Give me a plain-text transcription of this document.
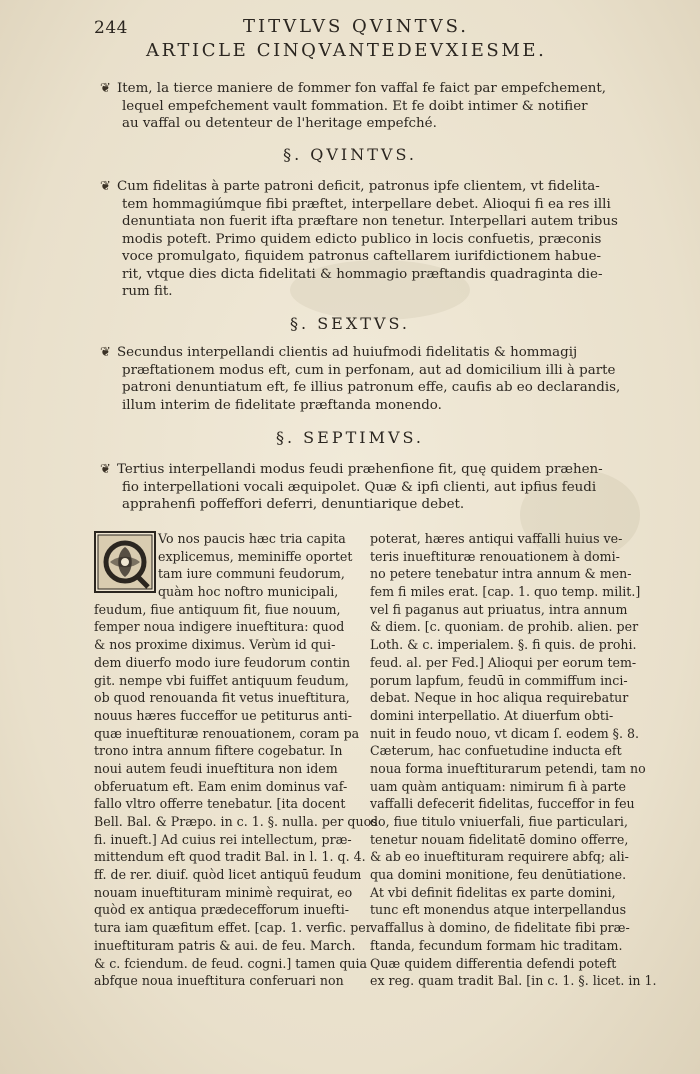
244	TITVLVS QVINTVS.
ARTICLE CINQVANTEDEVXIESME.
❦ Item, la tierce maniere de fommer fon vaffal fe faict par empefchement,
lequel empefchement vault fommation. Et fe doibt intimer & notifier
au vaffal ou detenteur de l'heritage empefché.
§. QVINTVS.
❦ Cum fidelitas à parte patroni deficit, patronus ipfe clientem, vt fidelita-
tem hommagiúmque fibi præftet, interpellare debet. Alioqui fi ea res illi
denuntiata non fuerit ifta præftare non tenetur. Interpellari autem tribus
modis poteft. Primo quidem edicto publico in locis confuetis, præconis
voce promulgato, fiquidem patronus caftellarem iurifdictionem habue-
rit, vtque dies dicta fidelitati & hommagio præftandis quadraginta die-
rum fit.
§. SEXTVS.
❦ Secundus interpellandi clientis ad huiufmodi fidelitatis & hommagij
præftationem modus eft, cum in perfonam, aut ad domicilium illi à parte
patroni denuntiatum eft, fe illius patronum effe, caufis ab eo declarandis,
illum interim de fidelitate præftanda monendo.
§. SEPTIMVS.
❦ Tertius interpellandi modus feudi præhenfione fit, quę quidem præhen-
fio interpellationi vocali æquipolet. Quæ & ipfi clienti, aut ipfius feudi
apprahenfi poffeffori deferri, denuntiarique debet.
Vo nos paucis hæc tria capita
explicemus, meminiffe oportet
tam iure communi feudorum,
quàm hoc noftro municipali,
feudum, fiue antiquum fit, fiue nouum,
femper noua indigere inueftitura: quod
& nos proxime diximus. Verùm id qui-
dem diuerfo modo iure feudorum contin
git. nempe vbi fuiffet antiquum feudum,
ob quod renouanda fit vetus inueftitura,
nouus hæres fucceffor ue petiturus anti-
quæ inueftituræ renouationem, coram pa
trono intra annum fiftere cogebatur. In
noui autem feudi inueftitura non idem
obferuatum eft. Eam enim dominus vaf-
fallo vltro offerre tenebatur. [ita docent
Bell. Bal. & Præpo. in c. 1. §. nulla. per quos
fi. inueft.] Ad cuius rei intellectum, præ-
mittendum eft quod tradit Bal. in l. 1. q. 4.
ff. de rer. diuif. quòd licet antiquū feudum
nouam inueftituram minimè requirat, eo
quòd ex antiqua prædecefforum inuefti-
tura iam quæfitum effet. [cap. 1. verfic. per
inueftituram patris & aui. de feu. March.
& c. fciendum. de feud. cogni.] tamen quia
abfque noua inueftitura conferuari non
poterat, hæres antiqui vaffalli huius ve-
teris inueftituræ renouationem à domi-
no petere tenebatur intra annum & men-
fem fi miles erat. [cap. 1. quo temp. milit.]
vel fi paganus aut priuatus, intra annum
& diem. [c. quoniam. de prohib. alien. per
Loth. & c. imperialem. §. fi quis. de prohi.
feud. al. per Fed.] Alioqui per eorum tem-
porum lapfum, feudū in commiffum inci-
debat. Neque in hoc aliqua requirebatur
domini interpellatio. At diuerfum obti-
nuit in feudo nouo, vt dicam ſ. eodem §. 8.
Cæterum, hac confuetudine inducta eft
noua forma inueftiturarum petendi, tam no
uam quàm antiquam: nimirum fi à parte
vaffalli defecerit fidelitas, fucceffor in feu
do, fiue titulo vniuerfali, fiue particulari,
tenetur nouam fidelitatē domino offerre,
& ab eo inueftituram requirere abfq; ali-
qua domini monitione, feu denūtiatione.
At vbi definit fidelitas ex parte domini,
tunc eft monendus atque interpellandus
vaffallus à domino, de fidelitate fibi præ-
ftanda, fecundum formam hic traditam.
Quæ quidem differentia defendi poteft
ex reg. quam tradit Bal. [in c. 1. §. licet. in 1.
